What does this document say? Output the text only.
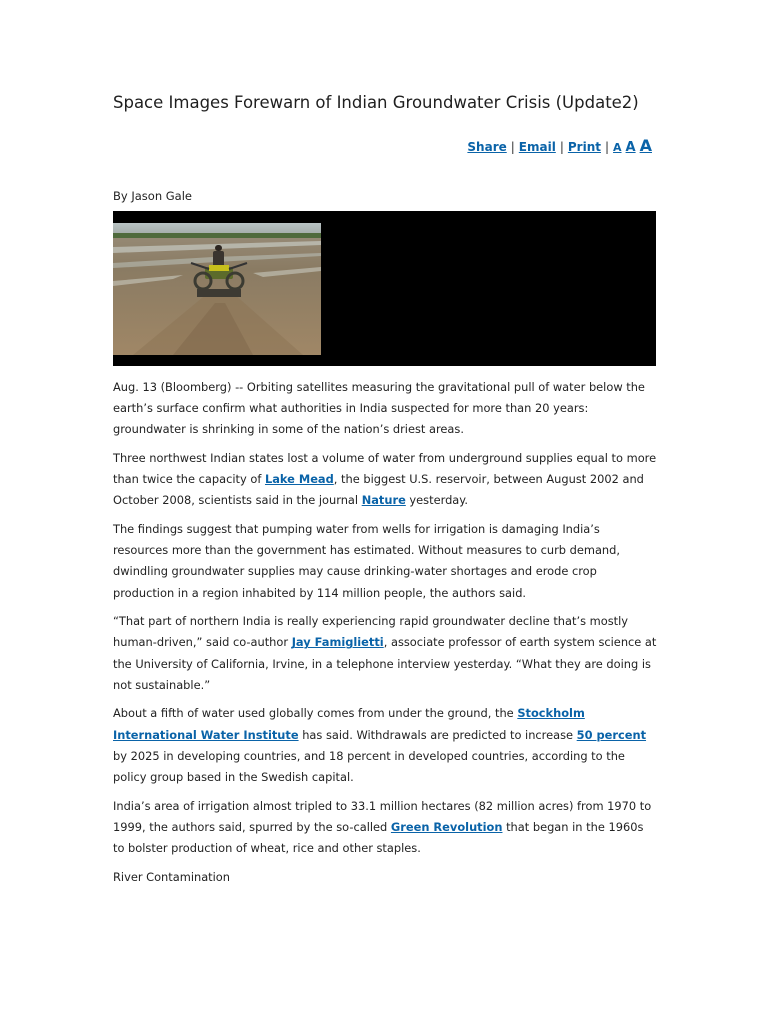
Space Images Forewarn of Indian Groundwater Crisis (Update2)
Share | Email | Print | A A A
By Jason Gale

Aug. 13 (Bloomberg) -- Orbiting satellites measuring the gravitational pull of water below the earth’s surface confirm what authorities in India suspected for more than 20 years: groundwater is shrinking in some of the nation’s driest areas.

Three northwest Indian states lost a volume of water from underground supplies equal to more than twice the capacity of Lake Mead, the biggest U.S. reservoir, between August 2002 and October 2008, scientists said in the journal Nature yesterday.

The findings suggest that pumping water from wells for irrigation is damaging India’s resources more than the government has estimated. Without measures to curb demand, dwindling groundwater supplies may cause drinking-water shortages and erode crop production in a region inhabited by 114 million people, the authors said.

“That part of northern India is really experiencing rapid groundwater decline that’s mostly human-driven,” said co-author Jay Famiglietti, associate professor of earth system science at the University of California, Irvine, in a telephone interview yesterday. “What they are doing is not sustainable.”

About a fifth of water used globally comes from under the ground, the Stockholm International Water Institute has said. Withdrawals are predicted to increase 50 percent by 2025 in developing countries, and 18 percent in developed countries, according to the policy group based in the Swedish capital.

India’s area of irrigation almost tripled to 33.1 million hectares (82 million acres) from 1970 to 1999, the authors said, spurred by the so-called Green Revolution that began in the 1960s to bolster production of wheat, rice and other staples.

River Contamination
